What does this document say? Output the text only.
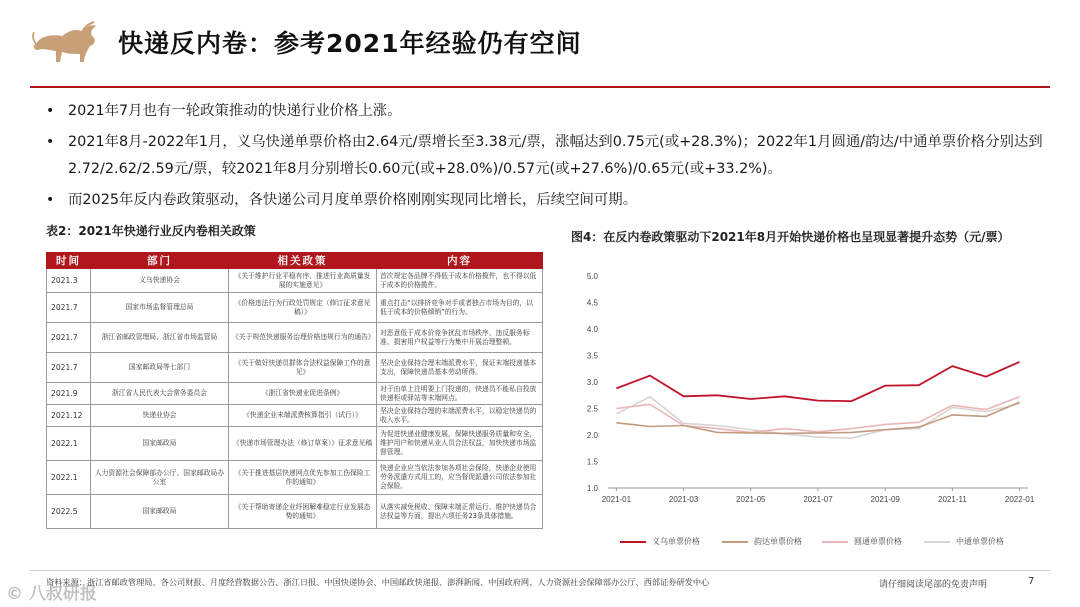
快递反内卷：参考2021年经验仍有空间
• 2021年7月也有一轮政策推动的快递行业价格上涨。
• 2021年8月-2022年1月，义乌快递单票价格由2.64元/票增长至3.38元/票，涨幅达到0.75元(或+28.3%)；2022年1月圆通/韵达/中通单票价格分别达到2.72/2.62/2.59元/票，较2021年8月分别增长0.60元(或+28.0%)/0.57元(或+27.6%)/0.65元(或+33.2%)。
• 而2025年反内卷政策驱动，各快递公司月度单票价格刚刚实现同比增长，后续空间可期。
表2：2021年快递行业反内卷相关政策
时间	部门	相关政策	内容
2021.3	义乌快递协会	《关于维护行业平稳有序、推进行业高质量发展的实施意见》	首次规定各品牌不得低于成本价格揽件，也不得以低于成本的价格揽件。
2021.7	国家市场监督管理总局	《价格违法行为行政处罚规定（修订征求意见稿）》	重点打击“以排挤竞争对手或者独占市场为目的，以低于成本的价格倾销”的行为。
2021.7	浙江省邮政管理局、浙江省市场监管局	《关于规范快递服务治理价格违规行为的通告》	对恶意低于成本价竞争扰乱市场秩序、违反服务标准、损害用户权益等行为集中开展治理整顿。
2021.7	国家邮政局等七部门	《关于做好快递员群体合法权益保障工作的意见》	坚决企业保持合理末端派费水平，保证末端投递基本支出，保障快递员基本劳动所得。
2021.9	浙江省人民代表大会常务委员会	《浙江省快递业促进条例》	对于由单上注明要上门投递的，快递员不能私自投放快递柜或驿站等末端网点。
2021.12	快递业协会	《快递企业末端派费核算指引（试行）》	坚决企业保持合理的末端派费水平，以稳定快递员的收入水平。
2022.1	国家邮政局	《快递市场管理办法（修订草案）》征求意见稿	为促进快递业健康发展，保障快递服务质量和安全，维护用户和快递从业人员合法权益，加快快递市场监督管理。
2022.1	人力资源社会保障部办公厅、国家邮政局办公室	《关于推进基层快递网点优先参加工伤保险工作的通知》	快递企业应当依法参加各项社会保险，快递企业使用劳务派遣方式用工的，应当督促派遣公司依法参加社会保险。
2022.5	国家邮政局	《关于帮助寄递企业纾困解难稳定行业发展态势的通知》	从落实减免税收、保障末端正常运行、维护快递员合法权益等方面，提出六项任务23条具体措施。
图4：在反内卷政策驱动下2021年8月开始快递价格也呈现显著提升态势（元/票）
1.0
1.5
2.0
2.5
3.0
3.5
4.0
4.5
5.0
2021-01	2021-03	2021-05	2021-07	2021-09	2021-11	2022-01
义乌单票价格	韵达单票价格	圆通单票价格	中通单票价格
© 八叔研报
资料来源：浙江省邮政管理局、各公司财报、月度经营数据公告、浙江日报、中国快递协会、中国邮政快递报、澎湃新闻、中国政府网、人力资源社会保障部办公厅、西部证券研发中心	请仔细阅读尾部的免责声明	7
